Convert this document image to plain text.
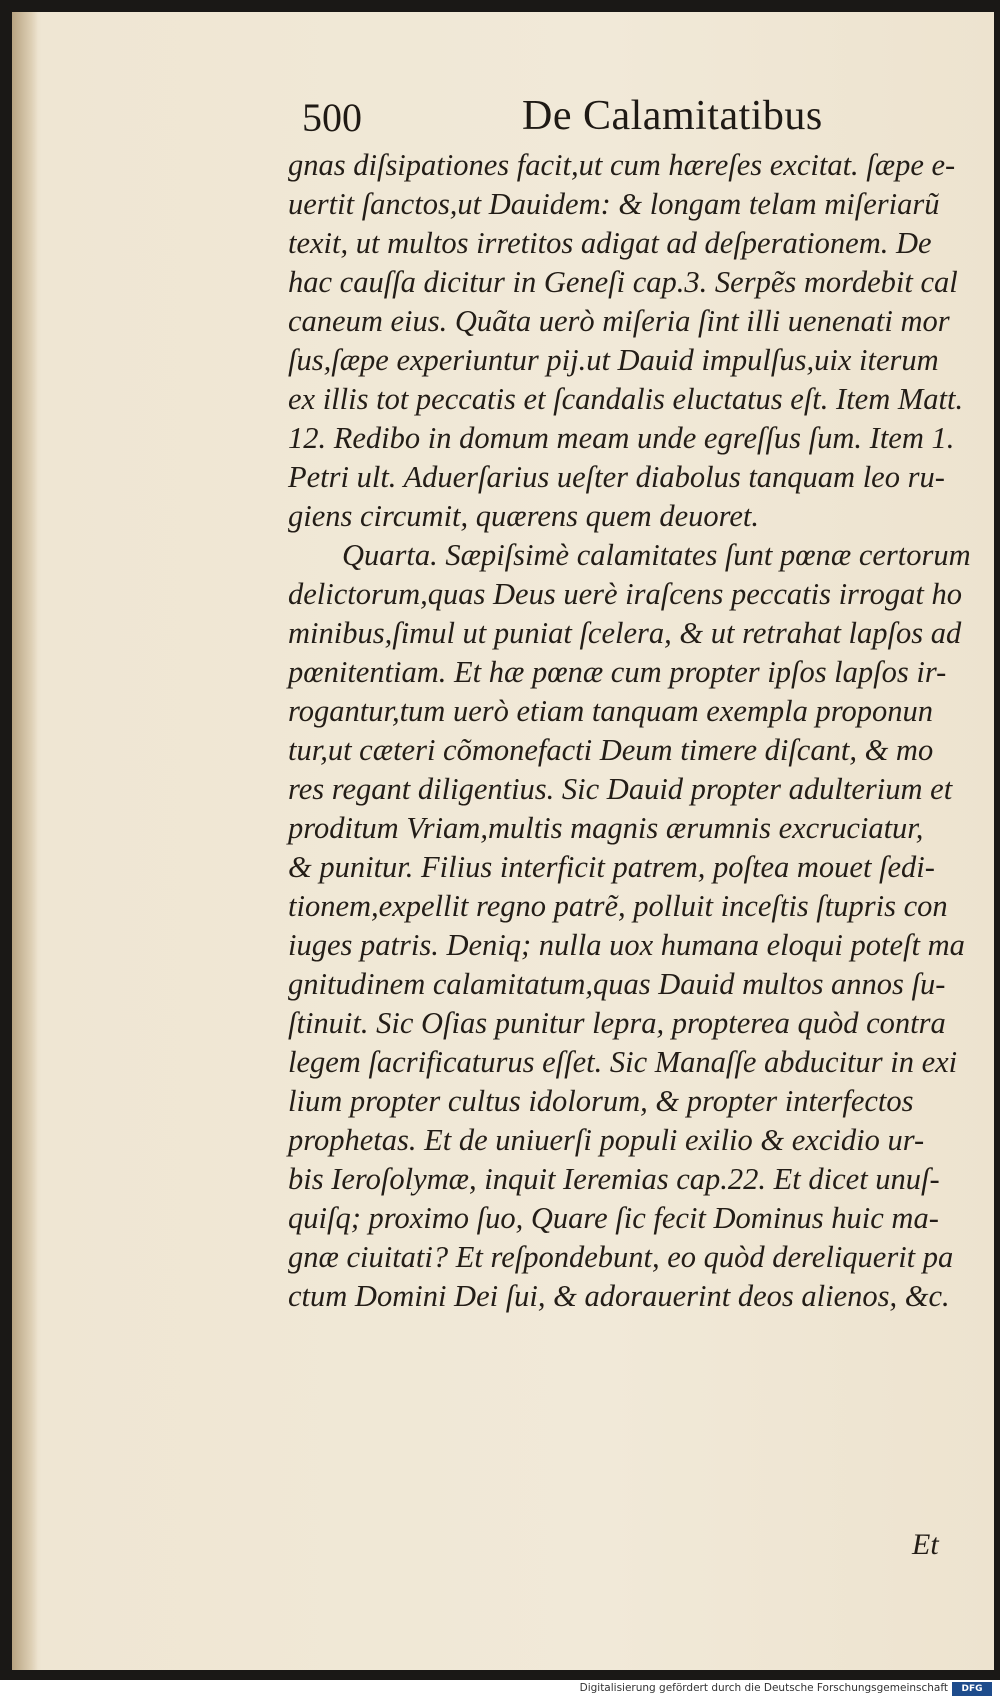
500	De Calamitatibus
gnas diſsipationes facit,ut cum hæreſes excitat. ſæpe e-
uertit ſanctos,ut Dauidem: & longam telam miſeriarũ
texit, ut multos irretitos adigat ad deſperationem. De
hac cauſſa dicitur in Geneſi cap.3. Serpẽs mordebit cal
caneum eius. Quãta uerò miſeria ſint illi uenenati mor
ſus,ſæpe experiuntur pij.ut Dauid impulſus,uix iterum
ex illis tot peccatis et ſcandalis eluctatus eſt. Item Matt.
12. Redibo in domum meam unde egreſſus ſum. Item 1.
Petri ult. Aduerſarius ueſter diabolus tanquam leo ru-
giens circumit, quærens quem deuoret.
Quarta. Sæpiſsimè calamitates ſunt pœnæ certorum
delictorum,quas Deus uerè iraſcens peccatis irrogat ho
minibus,ſimul ut puniat ſcelera, & ut retrahat lapſos ad
pœnitentiam. Et hæ pœnæ cum propter ipſos lapſos ir-
rogantur,tum uerò etiam tanquam exempla proponun
tur,ut cæteri cõmonefacti Deum timere diſcant, & mo
res regant diligentius. Sic Dauid propter adulterium et
proditum Vriam,multis magnis ærumnis excruciatur,
& punitur. Filius interficit patrem, poſtea mouet ſedi-
tionem,expellit regno patrẽ, polluit inceſtis ſtupris con
iuges patris. Deniq; nulla uox humana eloqui poteſt ma
gnitudinem calamitatum,quas Dauid multos annos ſu-
ſtinuit. Sic Oſias punitur lepra, propterea quòd contra
legem ſacrificaturus eſſet. Sic Manaſſe abducitur in exi
lium propter cultus idolorum, & propter interfectos
prophetas. Et de uniuerſi populi exilio & excidio ur-
bis Ieroſolymæ, inquit Ieremias cap.22. Et dicet unuſ-
quiſq; proximo ſuo, Quare ſic fecit Dominus huic ma-
gnæ ciuitati? Et reſpondebunt, eo quòd dereliquerit pa
ctum Domini Dei ſui, & adorauerint deos alienos, &c.
Et
Digitalisierung gefördert durch die Deutsche Forschungsgemeinschaft	DFG
